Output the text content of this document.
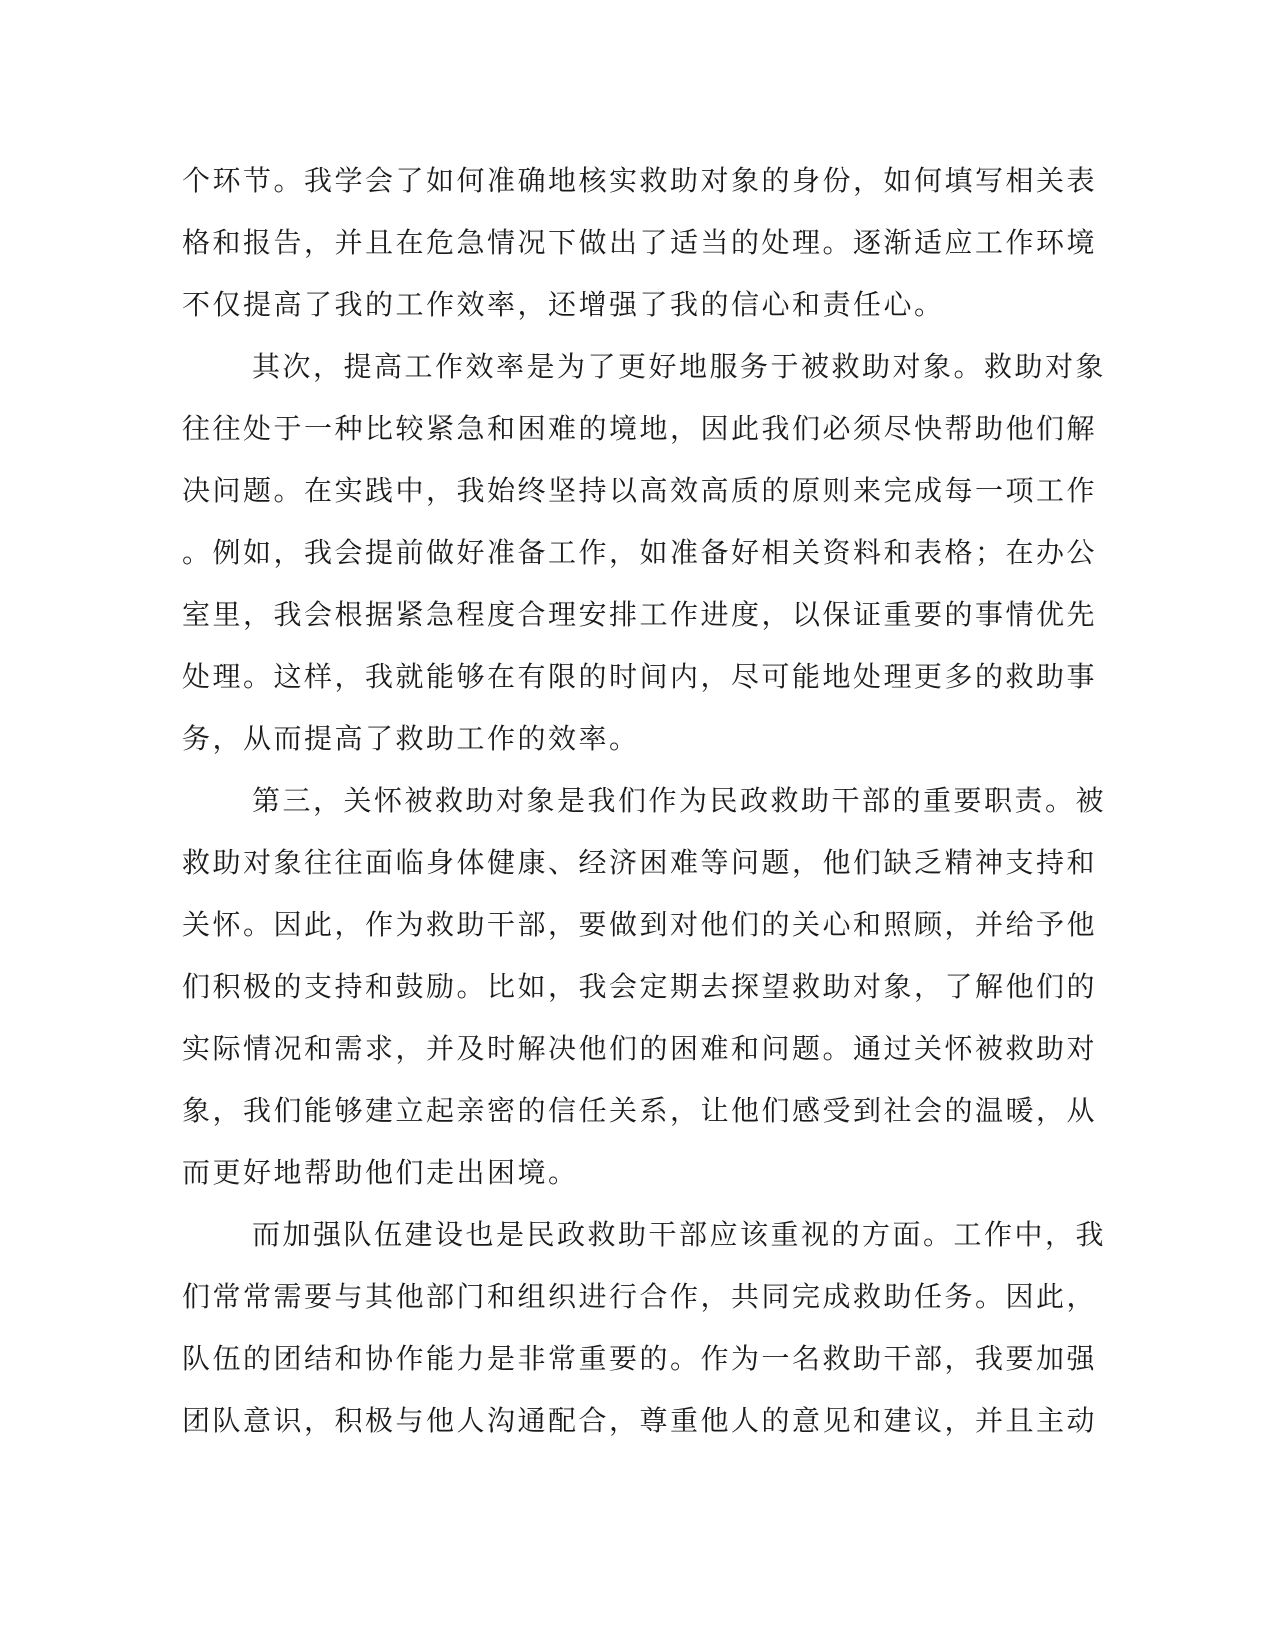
个环节。我学会了如何准确地核实救助对象的身份，如何填写相关表
格和报告，并且在危急情况下做出了适当的处理。逐渐适应工作环境
不仅提高了我的工作效率，还增强了我的信心和责任心。
其次，提高工作效率是为了更好地服务于被救助对象。救助对象
往往处于一种比较紧急和困难的境地，因此我们必须尽快帮助他们解
决问题。在实践中，我始终坚持以高效高质的原则来完成每一项工作
。例如，我会提前做好准备工作，如准备好相关资料和表格；在办公
室里，我会根据紧急程度合理安排工作进度，以保证重要的事情优先
处理。这样，我就能够在有限的时间内，尽可能地处理更多的救助事
务，从而提高了救助工作的效率。
第三，关怀被救助对象是我们作为民政救助干部的重要职责。被
救助对象往往面临身体健康、经济困难等问题，他们缺乏精神支持和
关怀。因此，作为救助干部，要做到对他们的关心和照顾，并给予他
们积极的支持和鼓励。比如，我会定期去探望救助对象，了解他们的
实际情况和需求，并及时解决他们的困难和问题。通过关怀被救助对
象，我们能够建立起亲密的信任关系，让他们感受到社会的温暖，从
而更好地帮助他们走出困境。
而加强队伍建设也是民政救助干部应该重视的方面。工作中，我
们常常需要与其他部门和组织进行合作，共同完成救助任务。因此，
队伍的团结和协作能力是非常重要的。作为一名救助干部，我要加强
团队意识，积极与他人沟通配合，尊重他人的意见和建议，并且主动
